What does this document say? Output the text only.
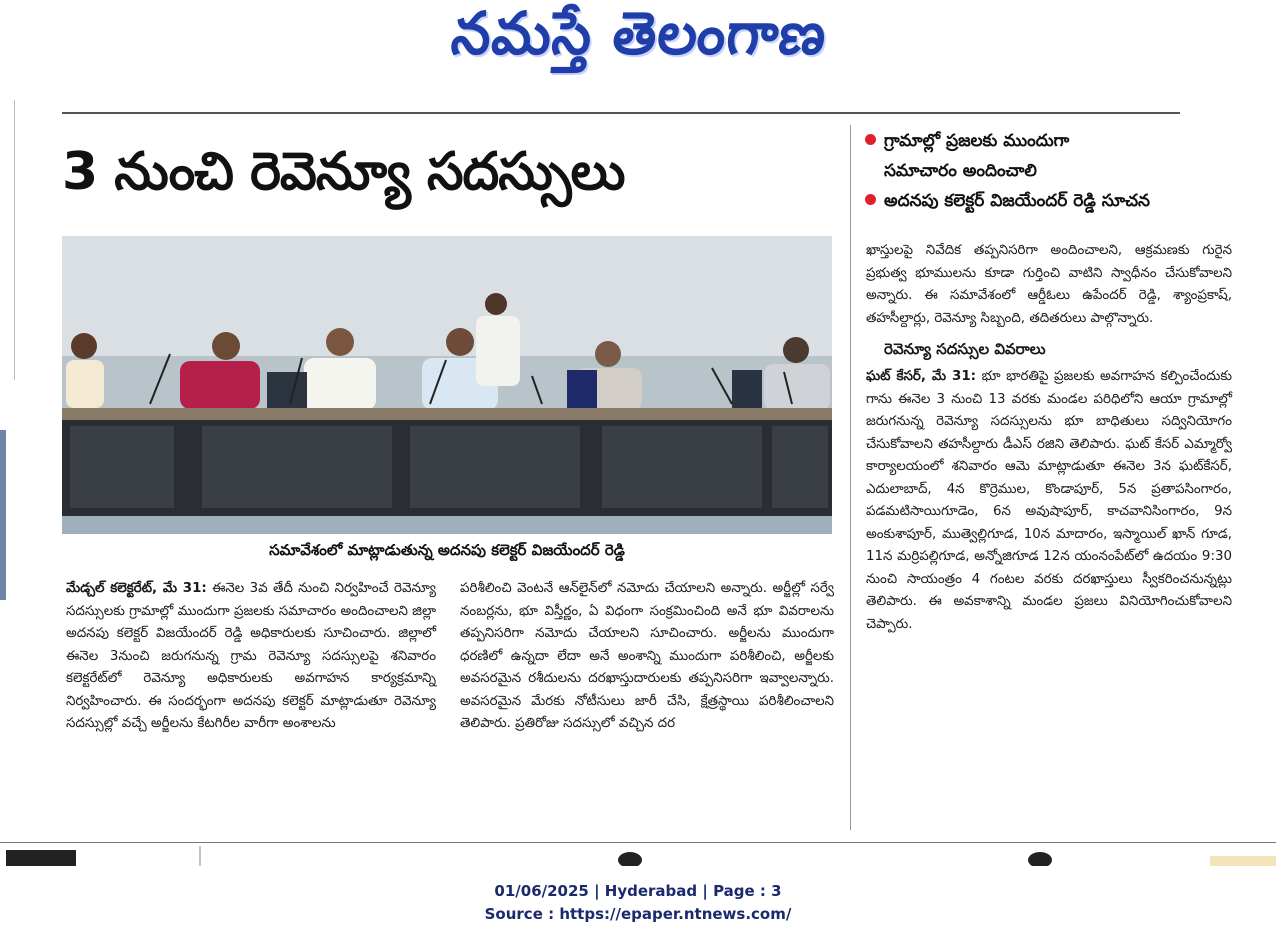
నమస్తే తెలంగాణ
3 నుంచి రెవెన్యూ సదస్సులు
గ్రామాల్లో ప్రజలకు ముందుగా
సమాచారం అందించాలి
అదనపు కలెక్టర్ విజయేందర్ రెడ్డి సూచన
సమావేశంలో మాట్లాడుతున్న అదనపు కలెక్టర్ విజయేందర్ రెడ్డి

మేడ్చల్ కలెక్టరేట్, మే 31: ఈనెల 3వ తేదీ నుంచి నిర్వహించే రెవెన్యూ సదస్సులకు గ్రామాల్లో ముందుగా ప్రజలకు సమాచారం అందించాలని జిల్లా అదనపు కలెక్టర్ విజయేందర్ రెడ్డి అధికారులకు సూచించారు. జిల్లాలో ఈనెల 3నుంచి జరుగనున్న గ్రామ రెవెన్యూ సదస్సులపై శనివారం కలెక్టరేట్‌లో రెవెన్యూ అధికారులకు అవగాహన కార్యక్రమాన్ని నిర్వహించారు. ఈ సందర్భంగా అదనపు కలెక్టర్ మాట్లాడుతూ రెవెన్యూ సదస్సుల్లో వచ్చే అర్జీలను కేటగిరీల వారీగా అంశాలను

పరిశీలించి వెంటనే ఆన్‌లైన్‌లో నమోదు చేయాలని అన్నారు. అర్జీల్లో సర్వే నంబర్లను, భూ విస్తీర్ణం, ఏ విధంగా సంక్రమించింది అనే భూ వివరాలను తప్పనిసరిగా నమోదు చేయాలని సూచించారు. అర్జీలను ముందుగా ధరణిలో ఉన్నదా లేదా అనే అంశాన్ని ముందుగా పరిశీలించి, అర్జీలకు అవసరమైన రశీదులను దరఖాస్తుదారులకు తప్పనిసరిగా ఇవ్వాలన్నారు. అవసరమైన మేరకు నోటీసులు జారీ చేసి, క్షేత్రస్థాయి పరిశీలించాలని తెలిపారు. ప్రతిరోజు సదస్సులో వచ్చిన దర

ఖాస్తులపై నివేదిక తప్పనిసరిగా అందించాలని, ఆక్రమణకు గురైన ప్రభుత్వ భూములను కూడా గుర్తించి వాటిని స్వాధీనం చేసుకోవాలని అన్నారు. ఈ సమావేశంలో ఆర్డీఓలు ఉపేందర్ రెడ్డి, శ్యాంప్రకాష్, తహసీల్దార్లు, రెవెన్యూ సిబ్బంది, తదితరులు పాల్గొన్నారు.

రెవెన్యూ సదస్సుల వివరాలు

ఘట్ కేసర్, మే 31: భూ భారతిపై ప్రజలకు అవగాహన కల్పించేందుకు గాను ఈనెల 3 నుంచి 13 వరకు మండల పరిధిలోని ఆయా గ్రామాల్లో జరుగనున్న రెవెన్యూ సదస్సులను భూ బాధితులు సద్వినియోగం చేసుకోవాలని తహసీల్దారు డీఎస్ రజిని తెలిపారు. ఘట్ కేసర్ ఎమ్మార్వో కార్యాలయంలో శనివారం ఆమె మాట్లాడుతూ ఈనెల 3న ఘట్‌కేసర్, ఎదులాబాద్, 4న కొర్రెముల, కొండాపూర్, 5న ప్రతాపసింగారం, పడమటిసాయిగూడెం, 6న అవుషాపూర్, కాచవానిసింగారం, 9న అంకుశాపూర్, ముత్వెల్లిగూడ, 10న మాదారం, ఇస్మాయిల్ ఖాన్ గూడ, 11న మర్రిపల్లిగూడ, అన్నోజిగూడ 12న యంనంపేట్‌లో ఉదయం 9:30 నుంచి సాయంత్రం 4 గంటల వరకు దరఖాస్తులు స్వీకరించనున్నట్లు తెలిపారు. ఈ అవకాశాన్ని మండల ప్రజలు వినియోగించుకోవాలని చెప్పారు.

01/06/2025 | Hyderabad | Page : 3
Source : https://epaper.ntnews.com/
